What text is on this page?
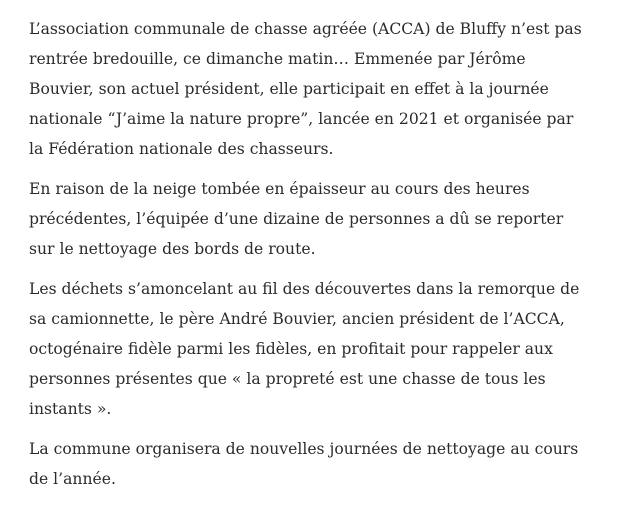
L’association communale de chasse agréée (ACCA) de Bluffy n’est pas rentrée bredouille, ce dimanche matin… Emmenée par Jérôme Bouvier, son actuel président, elle participait en effet à la journée nationale “J’aime la nature propre”, lancée en 2021 et organisée par la Fédération nationale des chasseurs.

En raison de la neige tombée en épaisseur au cours des heures précédentes, l’équipée d’une dizaine de personnes a dû se reporter sur le nettoyage des bords de route.

Les déchets s’amoncelant au fil des découvertes dans la remorque de sa camionnette, le père André Bouvier, ancien président de l’ACCA, octogénaire fidèle parmi les fidèles, en profitait pour rappeler aux personnes présentes que « la propreté est une chasse de tous les instants ».

La commune organisera de nouvelles journées de nettoyage au cours de l’année.
